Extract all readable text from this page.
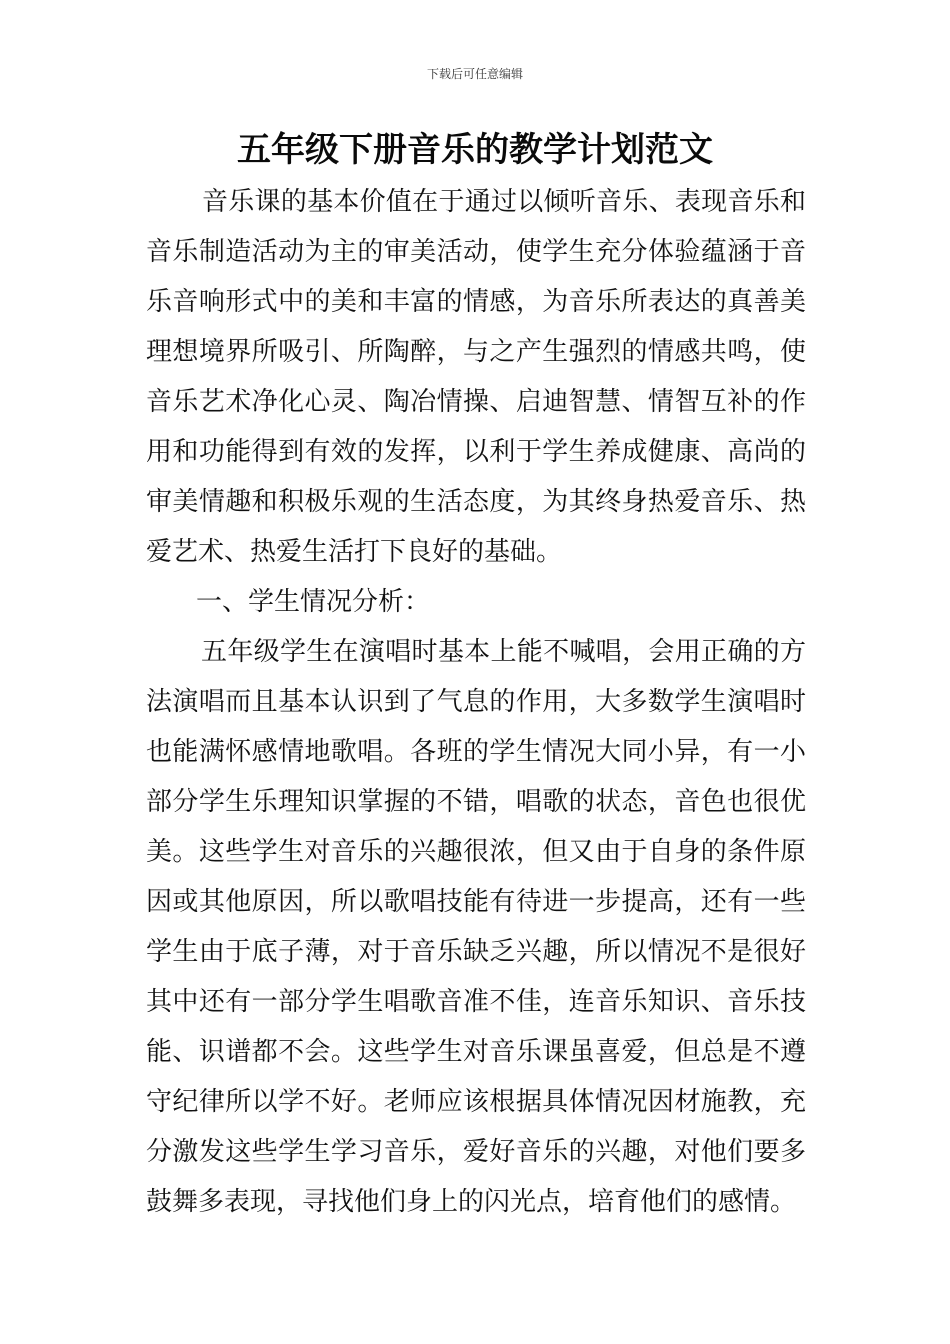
下载后可任意编辑
五年级下册音乐的教学计划范文
音乐课的基本价值在于通过以倾听音乐、表现音乐和
音乐制造活动为主的审美活动，使学生充分体验蕴涵于音
乐音响形式中的美和丰富的情感，为音乐所表达的真善美
理想境界所吸引、所陶醉，与之产生强烈的情感共鸣，使
音乐艺术净化心灵、陶冶情操、启迪智慧、情智互补的作
用和功能得到有效的发挥，以利于学生养成健康、高尚的
审美情趣和积极乐观的生活态度，为其终身热爱音乐、热
爱艺术、热爱生活打下良好的基础。
一、学生情况分析：
五年级学生在演唱时基本上能不喊唱，会用正确的方
法演唱而且基本认识到了气息的作用，大多数学生演唱时
也能满怀感情地歌唱。各班的学生情况大同小异，有一小
部分学生乐理知识掌握的不错，唱歌的状态，音色也很优
美。这些学生对音乐的兴趣很浓，但又由于自身的条件原
因或其他原因，所以歌唱技能有待进一步提高，还有一些
学生由于底子薄，对于音乐缺乏兴趣，所以情况不是很好
其中还有一部分学生唱歌音准不佳，连音乐知识、音乐技
能、识谱都不会。这些学生对音乐课虽喜爱，但总是不遵
守纪律所以学不好。老师应该根据具体情况因材施教，充
分激发这些学生学习音乐，爱好音乐的兴趣，对他们要多
鼓舞多表现，寻找他们身上的闪光点，培育他们的感情。
